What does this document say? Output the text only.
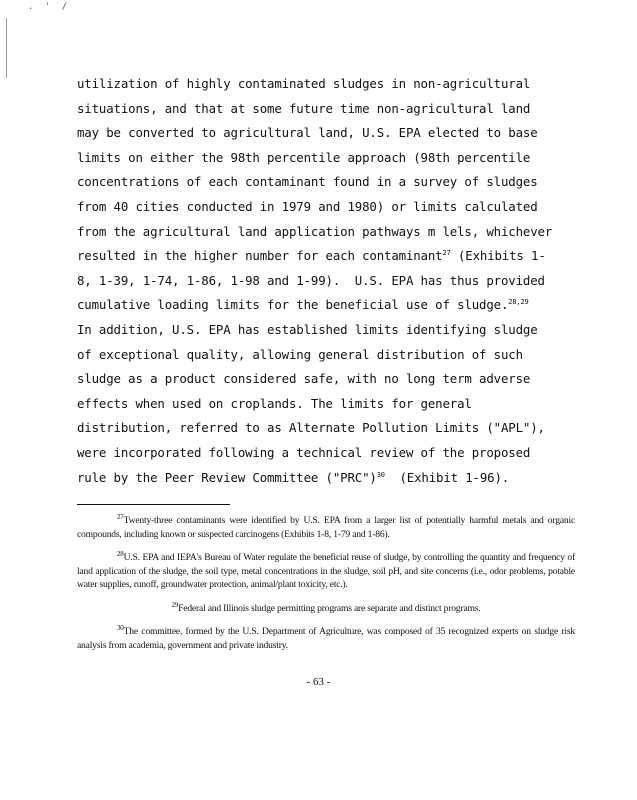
. ' /
utilization of highly contaminated sludges in non-agricultural
situations, and that at some future time non-agricultural land
may be converted to agricultural land, U.S. EPA elected to base
limits on either the 98th percentile approach (98th percentile
concentrations of each contaminant found in a survey of sludges
from 40 cities conducted in 1979 and 1980) or limits calculated
from the agricultural land application pathways m lels, whichever
resulted in the higher number for each contaminant$^{27}$ (Exhibits 1-
8, 1-39, 1-74, 1-86, 1-98 and 1-99).  U.S. EPA has thus provided
cumulative loading limits for the beneficial use of sludge.$^{28,29}$
In addition, U.S. EPA has established limits identifying sludge
of exceptional quality, allowing general distribution of such
sludge as a product considered safe, with no long term adverse
effects when used on croplands. The limits for general
distribution, referred to as Alternate Pollution Limits ("APL"),
were incorporated following a technical review of the proposed
rule by the Peer Review Committee ("PRC")$^{30}$  (Exhibit 1-96).

$^{27}$Twenty-three contaminants were identified by U.S. EPA from a larger list of potentially harmful metals and organic compounds, including known or suspected carcinogens (Exhibits 1-8, 1-79 and 1-86).

$^{28}$U.S. EPA and IEPA's Bureau of Water regulate the beneficial reuse of sludge, by controlling the quantity and frequency of land application of the sludge, the soil type, metal concentrations in the sludge, soil pH, and site concerns (i.e., odor problems, potable water supplies, runoff, groundwater protection, animal/plant toxicity, etc.).

$^{29}$Federal and Illinois sludge permitting programs are separate and distinct programs.

$^{30}$The committee, formed by the U.S. Department of Agriculture, was composed of 35 recognized experts on sludge risk analysis from academia, government and private industry.

- 63 -
